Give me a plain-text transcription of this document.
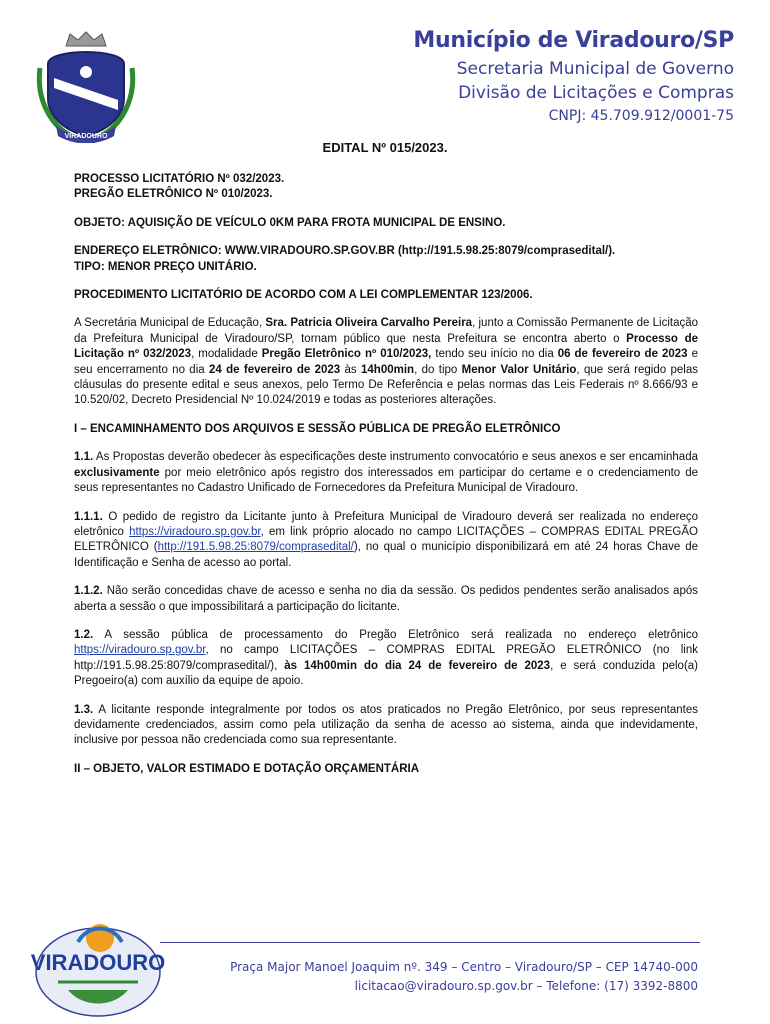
VIRADOURO
Município de Viradouro/SP
Secretaria Municipal de Governo
Divisão de Licitações e Compras
CNPJ: 45.709.912/0001-75
EDITAL Nº 015/2023.

PROCESSO LICITATÓRIO Nº 032/2023.

PREGÃO ELETRÔNICO Nº 010/2023.

OBJETO: AQUISIÇÃO DE VEÍCULO 0KM PARA FROTA MUNICIPAL DE ENSINO.

ENDEREÇO ELETRÔNICO: WWW.VIRADOURO.SP.GOV.BR (http://191.5.98.25:8079/comprasedital/).

TIPO: MENOR PREÇO UNITÁRIO.

PROCEDIMENTO LICITATÓRIO DE ACORDO COM A LEI COMPLEMENTAR 123/2006.

A Secretária Municipal de Educação, Sra. Patricia Oliveira Carvalho Pereira, junto a Comissão Permanente de Licitação da Prefeitura Municipal de Viradouro/SP, tornam público que nesta Prefeitura se encontra aberto o Processo de Licitação nº 032/2023, modalidade Pregão Eletrônico nº 010/2023, tendo seu início no dia 06 de fevereiro de 2023 e seu encerramento no dia 24 de fevereiro de 2023 às 14h00min, do tipo Menor Valor Unitário, que será regido pelas cláusulas do presente edital e seus anexos, pelo Termo De Referência e pelas normas das Leis Federais nº 8.666/93 e 10.520/02, Decreto Presidencial Nº 10.024/2019 e todas as posteriores alterações.

I – ENCAMINHAMENTO DOS ARQUIVOS E SESSÃO PÚBLICA DE PREGÃO ELETRÔNICO

1.1. As Propostas deverão obedecer às especificações deste instrumento convocatório e seus anexos e ser encaminhada exclusivamente por meio eletrônico após registro dos interessados em participar do certame e o credenciamento de seus representantes no Cadastro Unificado de Fornecedores da Prefeitura Municipal de Viradouro.

1.1.1. O pedido de registro da Licitante junto à Prefeitura Municipal de Viradouro deverá ser realizada no endereço eletrônico https://viradouro.sp.gov.br, em link próprio alocado no campo LICITAÇÕES – COMPRAS EDITAL PREGÃO ELETRÔNICO (http://191.5.98.25:8079/comprasedital/), no qual o município disponibilizará em até 24 horas Chave de Identificação e Senha de acesso ao portal.

1.1.2. Não serão concedidas chave de acesso e senha no dia da sessão. Os pedidos pendentes serão analisados após aberta a sessão o que impossibilitará a participação do licitante.

1.2. A sessão pública de processamento do Pregão Eletrônico será realizada no endereço eletrônico https://viradouro.sp.gov.br, no campo LICITAÇÕES – COMPRAS EDITAL PREGÃO ELETRÔNICO (no link http://191.5.98.25:8079/comprasedital/), às 14h00min do dia 24 de fevereiro de 2023, e será conduzida pelo(a) Pregoeiro(a) com auxílio da equipe de apoio.

1.3. A licitante responde integralmente por todos os atos praticados no Pregão Eletrônico, por seus representantes devidamente credenciados, assim como pela utilização da senha de acesso ao sistema, ainda que indevidamente, inclusive por pessoa não credenciada como sua representante.

II – OBJETO, VALOR ESTIMADO E DOTAÇÃO ORÇAMENTÁRIA

VIRADOURO	Praça Major Manoel Joaquim nº. 349 – Centro – Viradouro/SP – CEP 14740-000
licitacao@viradouro.sp.gov.br – Telefone: (17) 3392-8800
